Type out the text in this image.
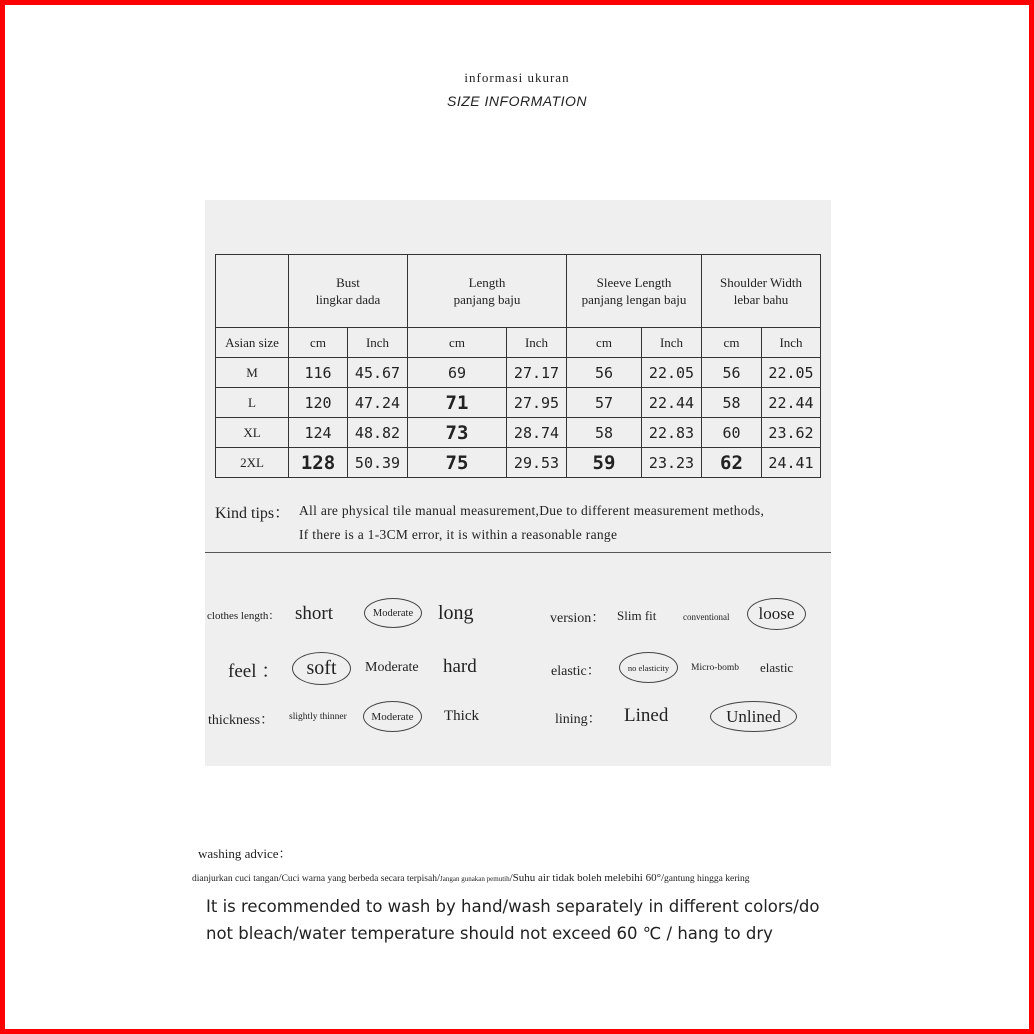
informasi ukuran
SIZE INFORMATION

	Bust
lingkar dada		Length
panjang baju		Sleeve Length
panjang lengan baju		Shoulder Width
lebar bahu	

Asian size	cm	Inch	cm	Inch	cm	Inch	cm	Inch
M	116	45.67	69	27.17	56	22.05	56	22.05
L	120	47.24	71	27.95	57	22.44	58	22.44
XL	124	48.82	73	28.74	58	22.83	60	23.62
2XL	128	50.39	75	29.53	59	23.23	62	24.41
Kind tips： All are physical tile manual measurement,Due to different measurement methods,
If there is a 1-3CM error, it is within a reasonable range
clothes length： short	Moderate	long	version： Slim fit	conventional	loose
feel ：	soft	Moderate hard	elastic：	no elasticity	Micro-bomb elastic
thickness： slightly thinner	Moderate	Thick	lining： Lined	Unlined
washing advice：
dianjurkan cuci tangan/Cuci warna yang berbeda secara terpisah/Jangan gunakan pemutih/Suhu air tidak boleh melebihi 60°/gantung hingga kering
It is recommended to wash by hand/wash separately in different colors/do not bleach/water temperature should not exceed 60 ℃ / hang to dry
